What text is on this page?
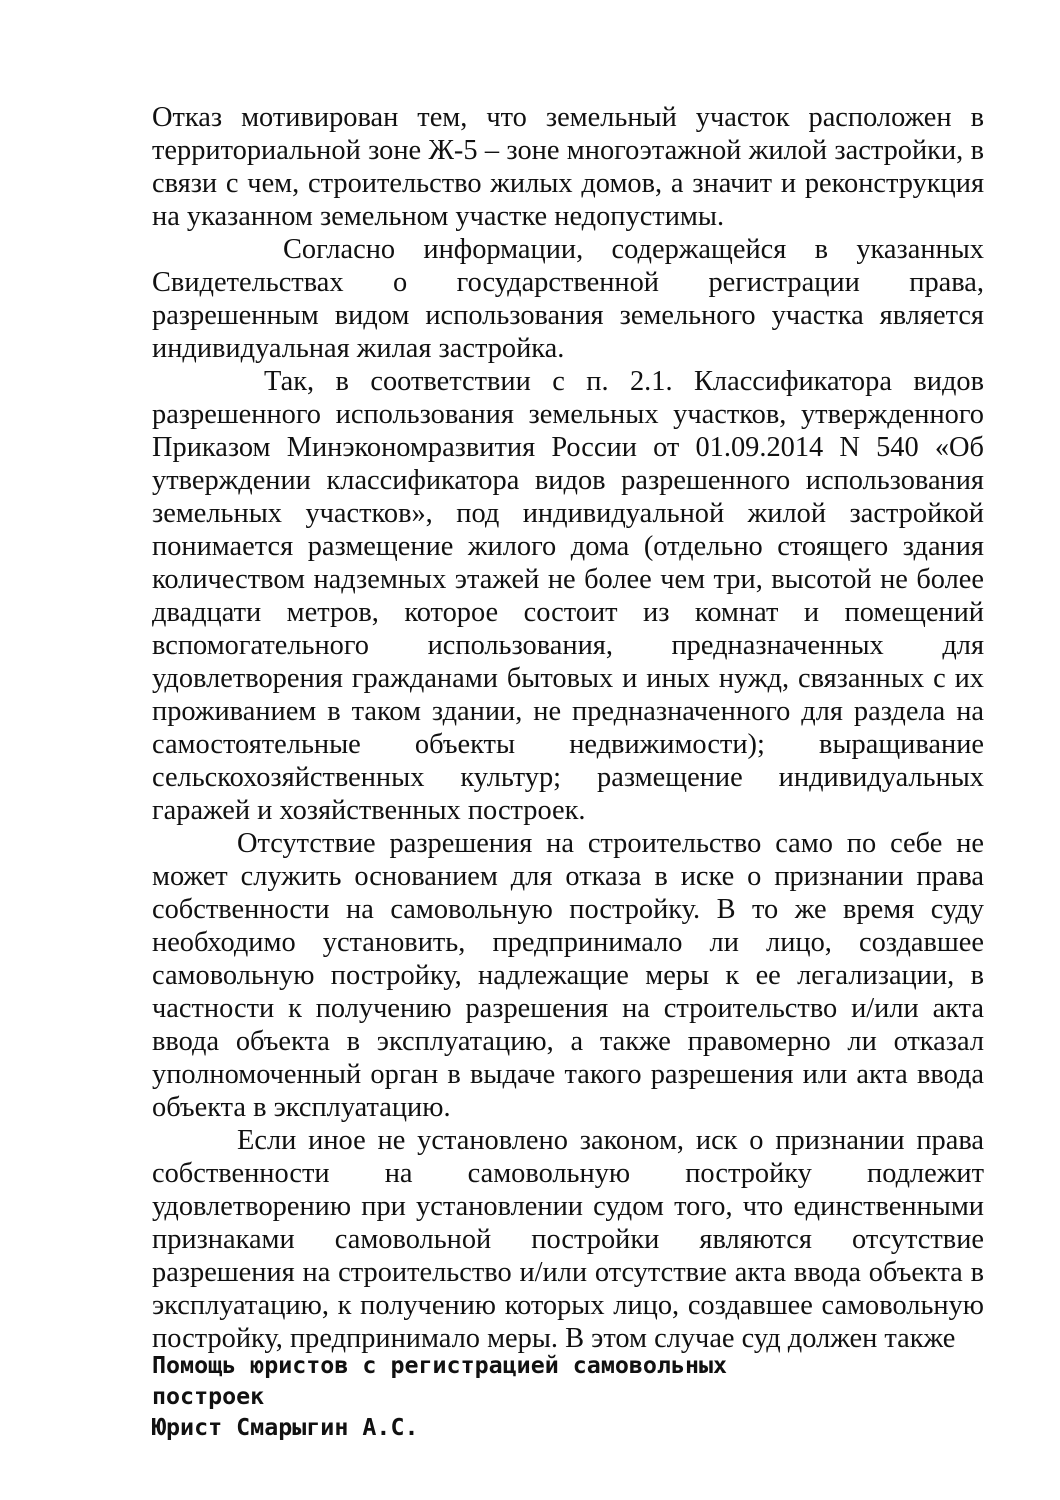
Отказ мотивирован тем, что земельный участок расположен в территориальной зоне Ж-5 – зоне многоэтажной жилой застройки, в связи с чем, строительство жилых домов, а значит и реконструкция на указанном земельном участке недопустимы.

Согласно информации, содержащейся в указанных Свидетельствах о государственной регистрации права, разрешенным видом использования земельного участка является индивидуальная жилая застройка.

Так, в соответствии с п. 2.1. Классификатора видов разрешенного использования земельных участков, утвержденного Приказом Минэкономразвития России от 01.09.2014 N 540 «Об утверждении классификатора видов разрешенного использования земельных участков», под индивидуальной жилой застройкой понимается размещение жилого дома (отдельно стоящего здания количеством надземных этажей не более чем три, высотой не более двадцати метров, которое состоит из комнат и помещений вспомогательного использования, предназначенных для удовлетворения гражданами бытовых и иных нужд, связанных с их проживанием в таком здании, не предназначенного для раздела на самостоятельные объекты недвижимости); выращивание сельскохозяйственных культур; размещение индивидуальных гаражей и хозяйственных построек.

Отсутствие разрешения на строительство само по себе не может служить основанием для отказа в иске о признании права собственности на самовольную постройку. В то же время суду необходимо установить, предпринимало ли лицо, создавшее самовольную постройку, надлежащие меры к ее легализации, в частности к получению разрешения на строительство и/или акта ввода объекта в эксплуатацию, а также правомерно ли отказал уполномоченный орган в выдаче такого разрешения или акта ввода объекта в эксплуатацию.

Если иное не установлено законом, иск о признании права собственности на самовольную постройку подлежит удовлетворению при установлении судом того, что единственными признаками самовольной постройки являются отсутствие разрешения на строительство и/или отсутствие акта ввода объекта в эксплуатацию, к получению которых лицо, создавшее самовольную постройку, предпринимало меры. В этом случае суд должен также

Помощь юристов с регистрацией самовольных
построек
Юрист Смарыгин А.С.
